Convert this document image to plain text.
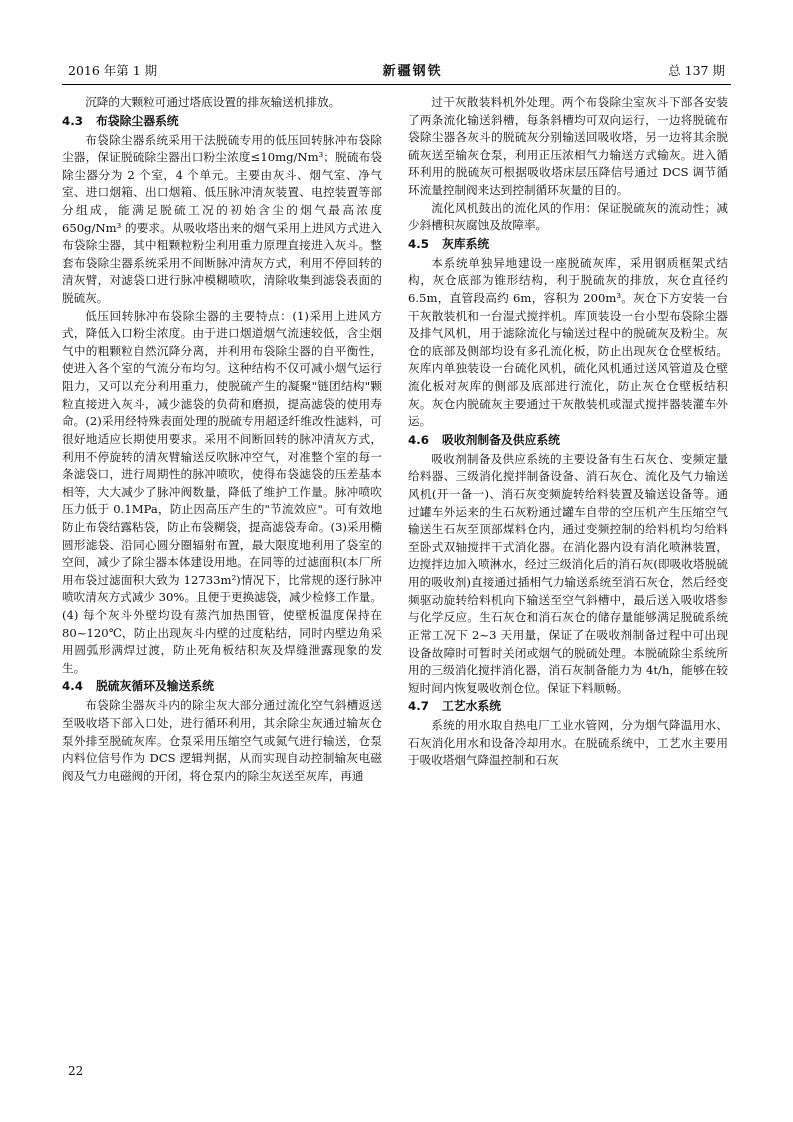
2016 年第 1 期	新疆钢铁	总 137 期

沉降的大颗粒可通过塔底设置的排灰输送机排放。

4.3 布袋除尘器系统

布袋除尘器系统采用干法脱硫专用的低压回转脉冲布袋除尘器，保证脱硫除尘器出口粉尘浓度≤10mg/Nm³；脱硫布袋除尘器分为 2 个室，4 个单元。主要由灰斗、烟气室、净气室、进口烟箱、出口烟箱、低压脉冲清灰装置、电控装置等部分组成，能满足脱硫工况的初始含尘的烟气最高浓度 650g/Nm³ 的要求。从吸收塔出来的烟气采用上进风方式进入布袋除尘器，其中粗颗粒粉尘利用重力原理直接进入灰斗。整套布袋除尘器系统采用不间断脉冲清灰方式，利用不停回转的清灰臂，对滤袋口进行脉冲模糊喷吹，清除收集到滤袋表面的脱硫灰。

低压回转脉冲布袋除尘器的主要特点：(1)采用上进风方式，降低入口粉尘浓度。由于进口烟道烟气流速较低，含尘烟气中的粗颗粒自然沉降分离，并利用布袋除尘器的自平衡性，使进入各个室的气流分布均匀。这种结构不仅可减小烟气运行阻力，又可以充分利用重力，使脱硫产生的凝聚"链团结构"颗粒直接进入灰斗，减少滤袋的负荷和磨损，提高滤袋的使用寿命。(2)采用经特殊表面处理的脱硫专用超迳纤维改性滤料，可很好地适应长期使用要求。采用不间断回转的脉冲清灰方式，利用不停旋转的清灰臂输送反吹脉冲空气，对准整个室的每一条滤袋口，进行周期性的脉冲喷吹，使得布袋滤袋的压差基本相等，大大减少了脉冲阀数量，降低了维护工作量。脉冲喷吹压力低于 0.1MPa，防止因高压产生的"节流效应"。可有效地防止布袋结露粘袋，防止布袋糊袋，提高滤袋寿命。(3)采用椭圆形滤袋、沿同心圆分圈辐射布置，最大限度地利用了袋室的空间，减少了除尘器本体建设用地。在同等的过滤面积(本厂所用布袋过滤面积大致为 12733m²)情况下，比常规的逐行脉冲喷吹清灰方式减少 30%。且便于更换滤袋，减少检修工作量。(4) 每个灰斗外壁均设有蒸汽加热围管，使壁板温度保持在 80~120℃，防止出现灰斗内壁的过度粘结，同时内壁边角采用圆弧形满焊过渡，防止死角板结积灰及焊缝泄露现象的发生。

4.4 脱硫灰循环及输送系统

布袋除尘器灰斗内的除尘灰大部分通过流化空气斜槽返送至吸收塔下部入口处，进行循环利用，其余除尘灰通过输灰仓泵外排至脱硫灰库。仓泵采用压缩空气或氮气进行输送，仓泵内料位信号作为 DCS 逻辑判据，从而实现自动控制输灰电磁阀及气力电磁阀的开闭，将仓泵内的除尘灰送至灰库，再通

过干灰散装料机外处理。两个布袋除尘室灰斗下部各安装了两条流化输送斜槽，每条斜槽均可双向运行，一边将脱硫布袋除尘器各灰斗的脱硫灰分别输送回吸收塔，另一边将其余脱硫灰送至输灰仓泵，利用正压浓相气力输送方式输灰。进入循环利用的脱硫灰可根据吸收塔床层压降信号通过 DCS 调节循环流量控制阀来达到控制循环灰量的目的。

流化风机鼓出的流化风的作用：保证脱硫灰的流动性；减少斜槽积灰腐蚀及故障率。

4.5 灰库系统

本系统单独异地建设一座脱硫灰库，采用钢质框架式结构，灰仓底部为锥形结构，利于脱硫灰的排放，灰仓直径约 6.5m，直管段高约 6m，容积为 200m³。灰仓下方安装一台干灰散装机和一台湿式搅拌机。库顶装设一台小型布袋除尘器及排气风机，用于滤除流化与输送过程中的脱硫灰及粉尘。灰仓的底部及侧部均设有多孔流化板，防止出现灰仓仓壁板结。灰库内单独装设一台硫化风机，硫化风机通过送风管道及仓壁流化板对灰库的侧部及底部进行流化，防止灰仓仓壁板结积灰。灰仓内脱硫灰主要通过干灰散装机或湿式搅拌器装灌车外运。

4.6 吸收剂制备及供应系统

吸收剂制备及供应系统的主要设备有生石灰仓、变频定量给料器、三级消化搅拌制备设备、消石灰仓、流化及气力输送风机(开一备一)、消石灰变频旋转给料装置及输送设备等。通过罐车外运来的生石灰粉通过罐车自带的空压机产生压缩空气输送生石灰至顶部煤料仓内，通过变频控制的给料机均匀给料至卧式双轴搅拌干式消化器。在消化器内设有消化喷淋装置，边搅拌边加入喷淋水，经过三级消化后的消石灰(即吸收塔脱硫用的吸收剂)直接通过插相气力输送系统至消石灰仓，然后经变频驱动旋转给料机向下输送至空气斜槽中，最后送入吸收塔参与化学反应。生石灰仓和消石灰仓的储存量能够满足脱硫系统正常工况下 2~3 天用量，保证了在吸收剂制备过程中可出现设备故障时可暂时关闭或烟气的脱硫处理。本脱硫除尘系统所用的三级消化搅拌消化器，消石灰制备能力为 4t/h，能够在较短时间内恢复吸收剂仓位。保证下料顺畅。

4.7 工艺水系统

系统的用水取自热电厂工业水管网，分为烟气降温用水、石灰消化用水和设备冷却用水。在脱硫系统中，工艺水主要用于吸收塔烟气降温控制和石灰

22
